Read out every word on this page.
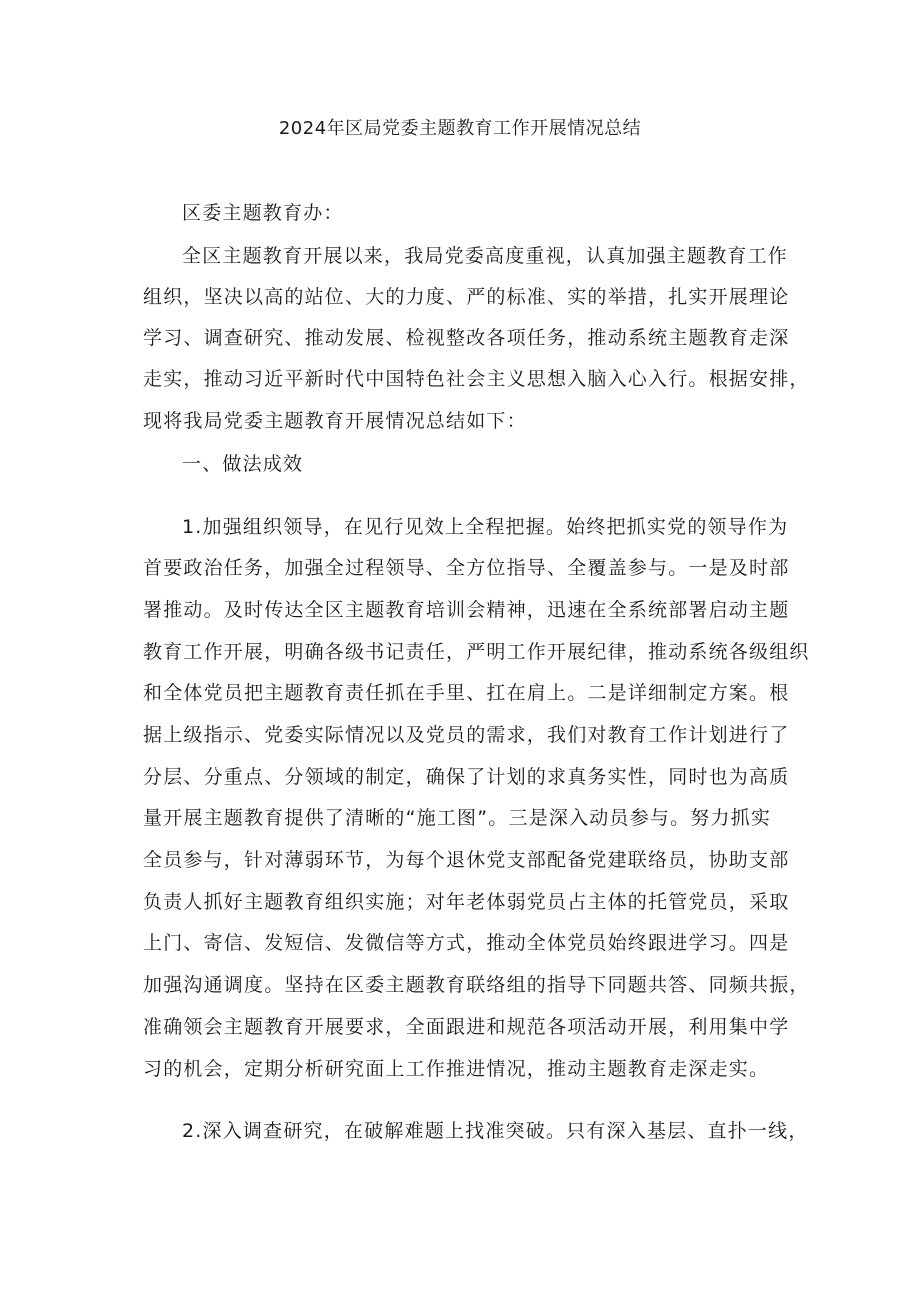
2024年区局党委主题教育工作开展情况总结
区委主题教育办：
全区主题教育开展以来，我局党委高度重视，认真加强主题教育工作
组织，坚决以高的站位、大的力度、严的标准、实的举措，扎实开展理论
学习、调查研究、推动发展、检视整改各项任务，推动系统主题教育走深
走实，推动习近平新时代中国特色社会主义思想入脑入心入行。根据安排，
现将我局党委主题教育开展情况总结如下：
一、做法成效
1.加强组织领导，在见行见效上全程把握。始终把抓实党的领导作为
首要政治任务，加强全过程领导、全方位指导、全覆盖参与。一是及时部
署推动。及时传达全区主题教育培训会精神，迅速在全系统部署启动主题
教育工作开展，明确各级书记责任，严明工作开展纪律，推动系统各级组织
和全体党员把主题教育责任抓在手里、扛在肩上。二是详细制定方案。根
据上级指示、党委实际情况以及党员的需求，我们对教育工作计划进行了
分层、分重点、分领域的制定，确保了计划的求真务实性，同时也为高质
量开展主题教育提供了清晰的“施工图”。三是深入动员参与。努力抓实
全员参与，针对薄弱环节，为每个退休党支部配备党建联络员，协助支部
负责人抓好主题教育组织实施；对年老体弱党员占主体的托管党员，采取
上门、寄信、发短信、发微信等方式，推动全体党员始终跟进学习。四是
加强沟通调度。坚持在区委主题教育联络组的指导下同题共答、同频共振，
准确领会主题教育开展要求，全面跟进和规范各项活动开展，利用集中学
习的机会，定期分析研究面上工作推进情况，推动主题教育走深走实。
2.深入调查研究，在破解难题上找准突破。只有深入基层、直扑一线，
